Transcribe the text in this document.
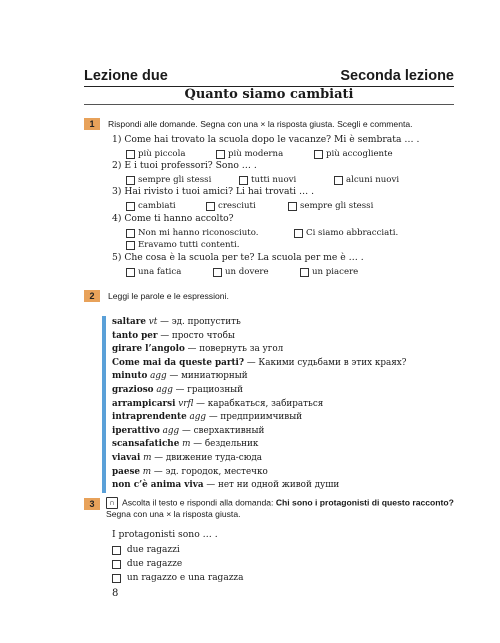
Lezione due	Seconda lezione
Quanto siamo cambiati
1	Rispondi alle domande. Segna con una × la risposta giusta. Scegli e commenta.
1) Come hai trovato la scuola dopo le vacanze? Mi è sembrata … .
più piccola	più moderna	più accogliente
2) E i tuoi professori? Sono … .
sempre gli stessi	tutti nuovi	alcuni nuovi
3) Hai rivisto i tuoi amici? Li hai trovati … .
cambiati	cresciuti	sempre gli stessi
4) Come ti hanno accolto?
Non mi hanno riconosciuto.	Ci siamo abbracciati.
Eravamo tutti contenti.
5) Che cosa è la scuola per te? La scuola per me è … .
una fatica	un dovere	un piacere
2	Leggi le parole e le espressioni.
saltare vt — эд. пропустить
tanto per — просто чтобы
girare l’angolo — повернуть за угол
Come mai da queste parti? — Какими судьбами в этих краях?
minuto agg — миниатюрный
grazioso agg — грациозный
arrampicarsi vrfl — карабкаться, забираться
intraprendente agg — предприимчивый
iperattivo agg — сверхактивный
scansafatiche m — бездельник
viavai m — движение туда-сюда
paese m — эд. городок, местечко
non c’è anima viva — нет ни одной живой души
3	∩ Ascolta il testo e rispondi alla domanda: Chi sono i protagonisti di questo racconto? Segna con una × la risposta giusta.
I protagonisti sono … .

due ragazzi

due ragazze

un ragazzo e una ragazza
8
